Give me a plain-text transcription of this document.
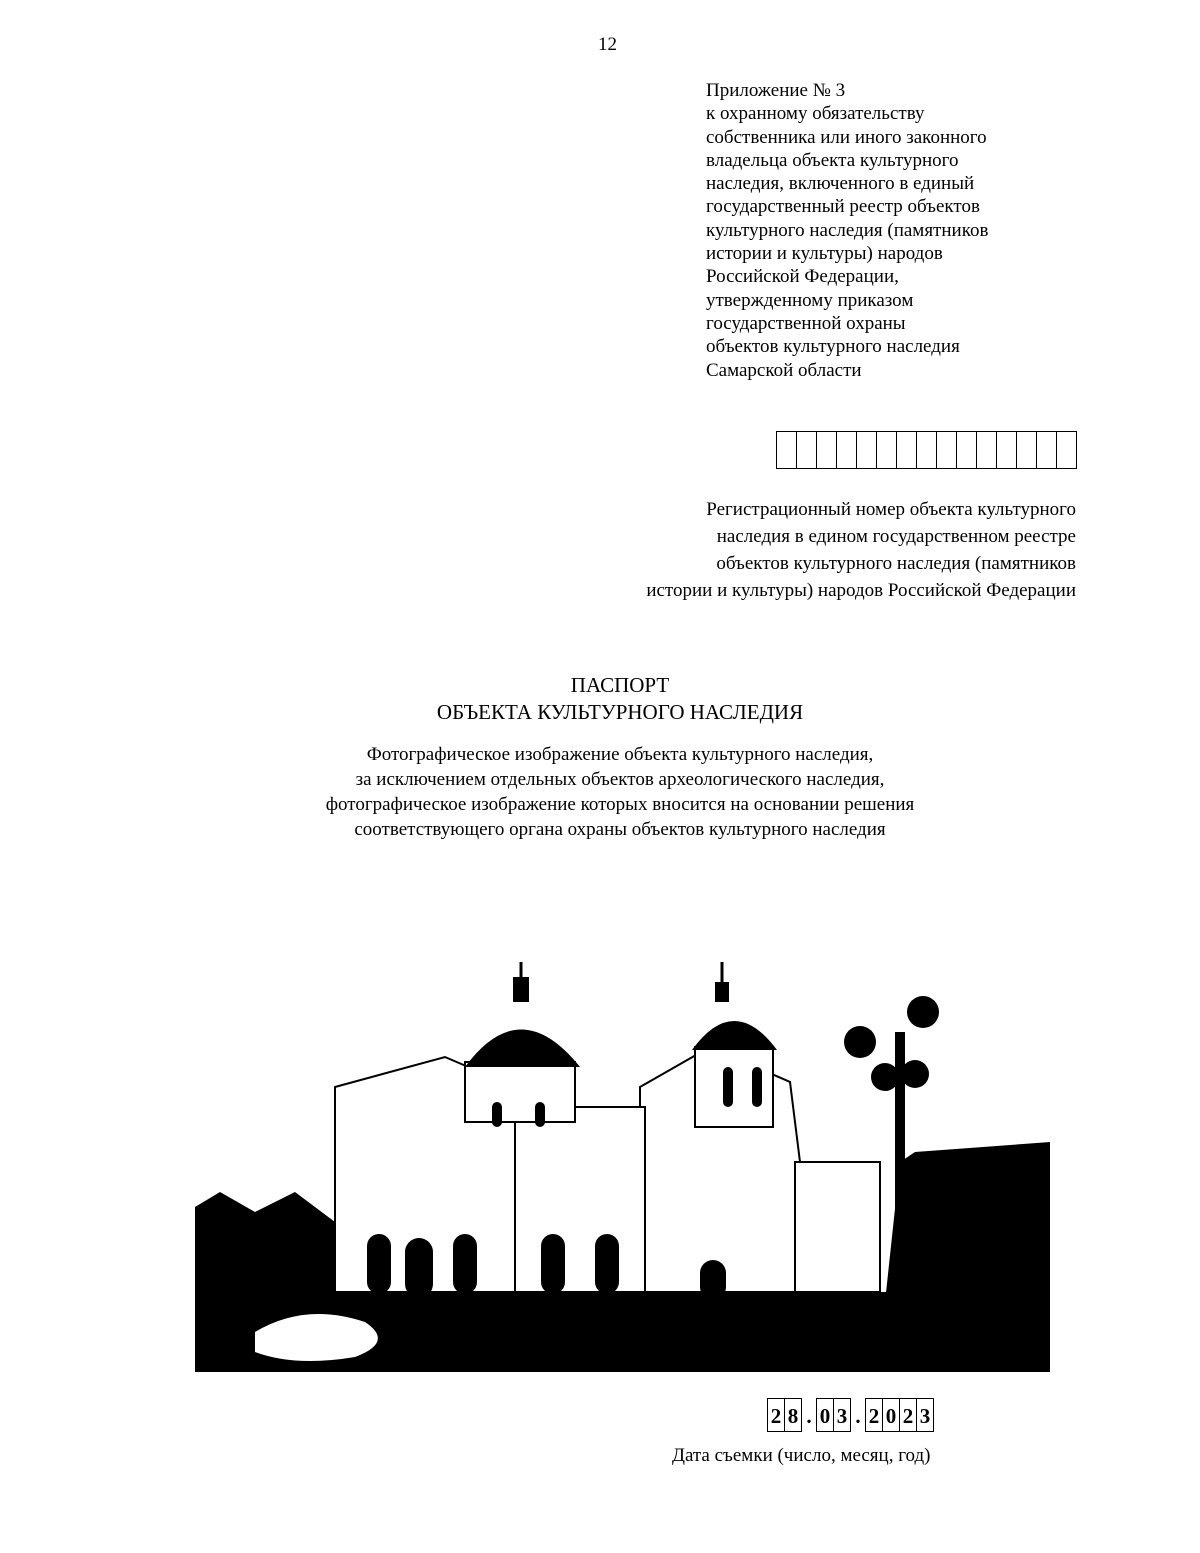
12
Приложение № 3
к охранному обязательству
собственника или иного законного
владельца объекта культурного
наследия, включенного в единый
государственный реестр объектов
культурного наследия (памятников
истории и культуры) народов
Российской Федерации,
утвержденному приказом
государственной охраны
объектов культурного наследия
Самарской области
Регистрационный номер объекта культурного
наследия в едином государственном реестре
объектов культурного наследия (памятников
истории и культуры) народов Российской Федерации
ПАСПОРТ
ОБЪЕКТА КУЛЬТУРНОГО НАСЛЕДИЯ
Фотографическое изображение объекта культурного наследия,
за исключением отдельных объектов археологического наследия,
фотографическое изображение которых вносится на основании решения
соответствующего органа охраны объектов культурного наследия
2 8 . 0 3 . 2 0 2 3
Дата съемки (число, месяц, год)
